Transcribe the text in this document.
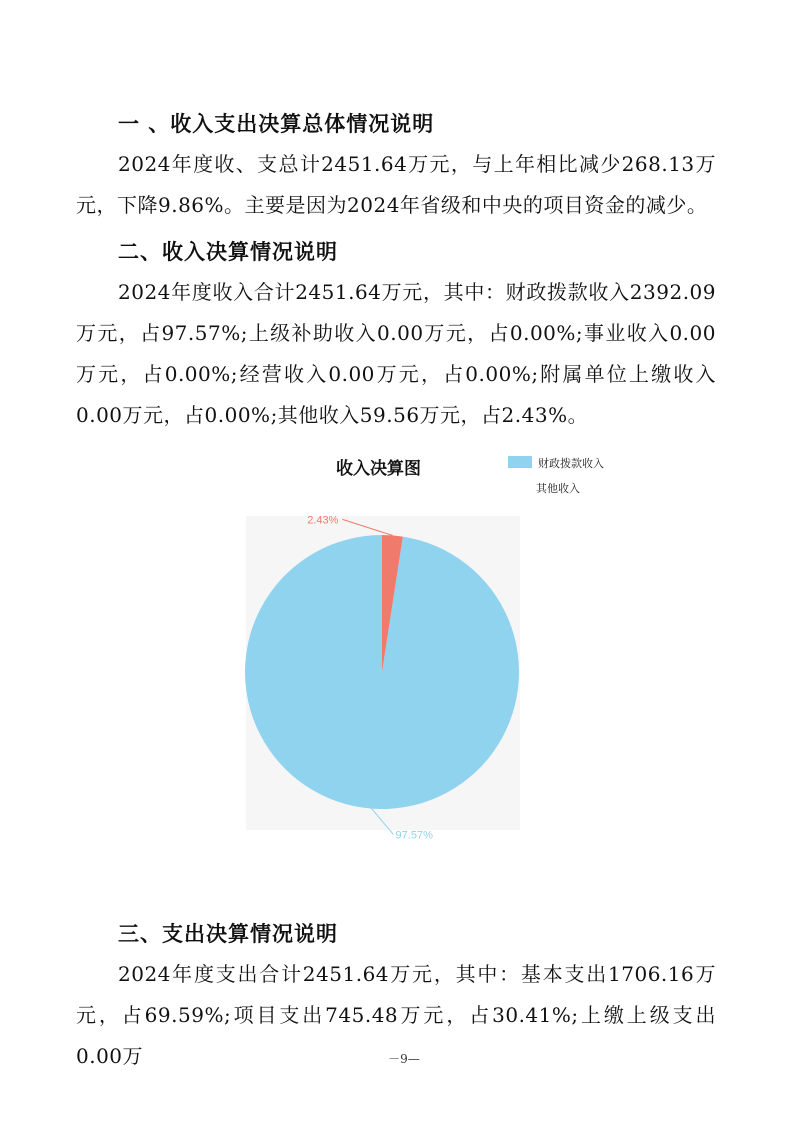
一 、收入支出决算总体情况说明
2024年度收、支总计2451.64万元，与上年相比减少268.13万元，下降9.86%。主要是因为2024年省级和中央的项目资金的减少。
二、收入决算情况说明
2024年度收入合计2451.64万元，其中：财政拨款收入2392.09万元，占97.57%;上级补助收入0.00万元，占0.00%;事业收入0.00万元，占0.00%;经营收入0.00万元，占0.00%;附属单位上缴收入0.00万元，占0.00%;其他收入59.56万元，占2.43%。
收入决算图	财政拨款收入
其他收入
97.57%
2.43%
三、支出决算情况说明
2024年度支出合计2451.64万元，其中：基本支出1706.16万元，占69.59%;项目支出745.48万元，占30.41%;上缴上级支出0.00万	－9—
